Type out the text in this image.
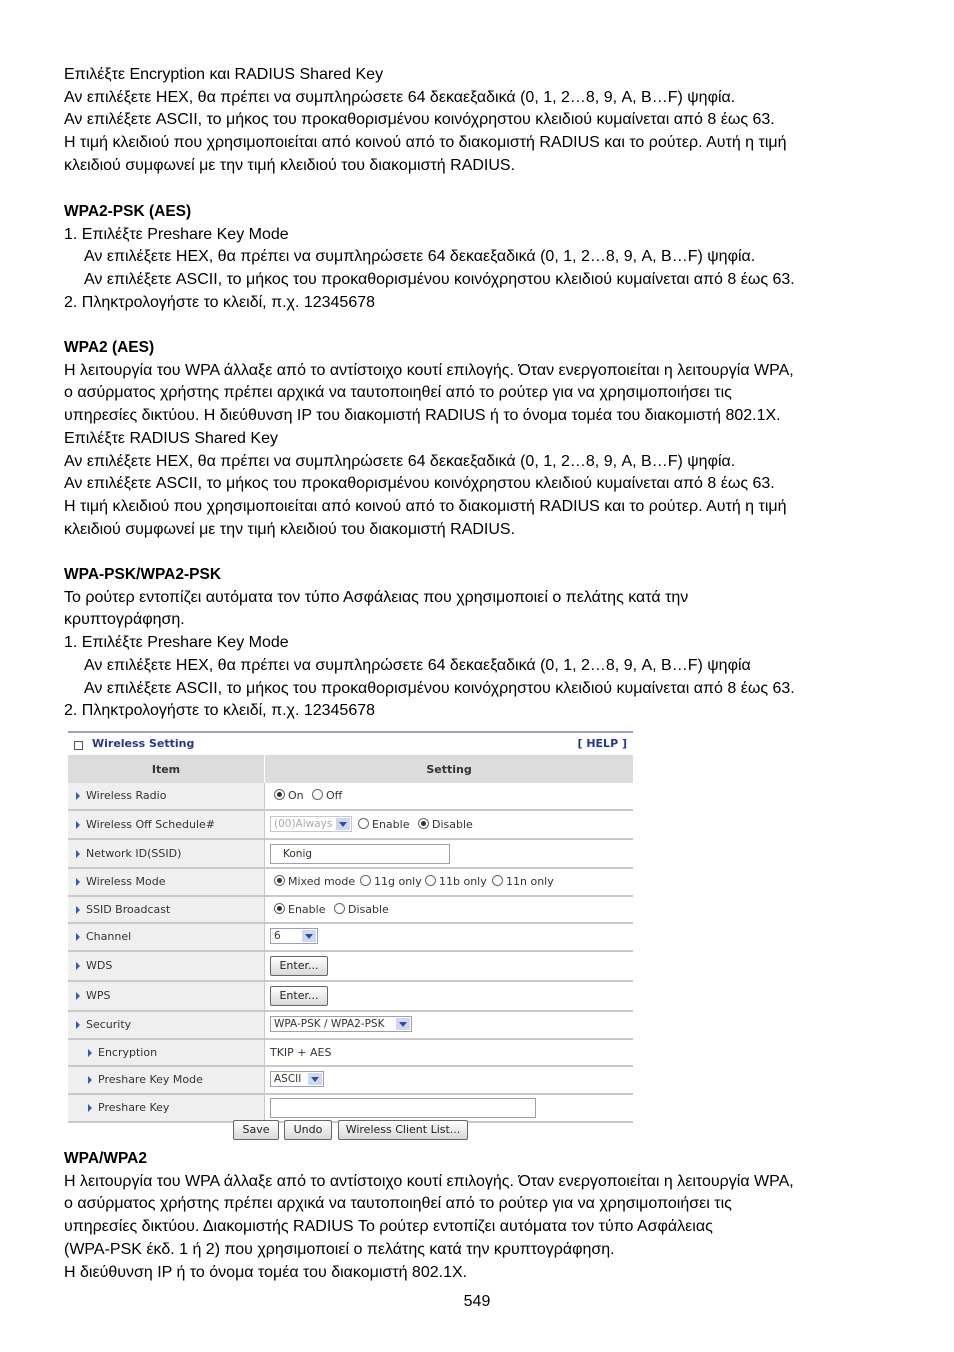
Επιλέξτε Encryption και RADIUS Shared Key

Αν επιλέξετε HEX, θα πρέπει να συμπληρώσετε 64 δεκαεξαδικά (0, 1, 2…8, 9, A, B…F) ψηφία.

Αν επιλέξετε ASCII, το μήκος του προκαθορισμένου κοινόχρηστου κλειδιού κυμαίνεται από 8 έως 63.

Η τιμή κλειδιού που χρησιμοποιείται από κοινού από το διακομιστή RADIUS και το ρούτερ. Αυτή η τιμή

κλειδιού συμφωνεί με την τιμή κλειδιού του διακομιστή RADIUS.

WPA2-PSK (AES)

1. Επιλέξτε Preshare Key Mode

Αν επιλέξετε HEX, θα πρέπει να συμπληρώσετε 64 δεκαεξαδικά (0, 1, 2…8, 9, A, B…F) ψηφία.

Αν επιλέξετε ASCII, το μήκος του προκαθορισμένου κοινόχρηστου κλειδιού κυμαίνεται από 8 έως 63.

2. Πληκτρολογήστε το κλειδί, π.χ. 12345678

WPA2 (AES)

Η λειτουργία του WPA άλλαξε από το αντίστοιχο κουτί επιλογής. Όταν ενεργοποιείται η λειτουργία WPA,

ο ασύρματος χρήστης πρέπει αρχικά να ταυτοποιηθεί από το ρούτερ για να χρησιμοποιήσει τις

υπηρεσίες δικτύου. Η διεύθυνση IP του διακομιστή RADIUS ή το όνομα τομέα του διακομιστή 802.1X.

Επιλέξτε RADIUS Shared Key

Αν επιλέξετε HEX, θα πρέπει να συμπληρώσετε 64 δεκαεξαδικά (0, 1, 2…8, 9, A, B…F) ψηφία.

Αν επιλέξετε ASCII, το μήκος του προκαθορισμένου κοινόχρηστου κλειδιού κυμαίνεται από 8 έως 63.

Η τιμή κλειδιού που χρησιμοποιείται από κοινού από το διακομιστή RADIUS και το ρούτερ. Αυτή η τιμή

κλειδιού συμφωνεί με την τιμή κλειδιού του διακομιστή RADIUS.

WPA-PSK/WPA2-PSK

Το ρούτερ εντοπίζει αυτόματα τον τύπο Ασφάλειας που χρησιμοποιεί ο πελάτης κατά την

κρυπτογράφηση.

1. Επιλέξτε Preshare Key Mode

Αν επιλέξετε HEX, θα πρέπει να συμπληρώσετε 64 δεκαεξαδικά (0, 1, 2…8, 9, A, B…F) ψηφία

Αν επιλέξετε ASCII, το μήκος του προκαθορισμένου κοινόχρηστου κλειδιού κυμαίνεται από 8 έως 63.

2. Πληκτρολογήστε το κλειδί, π.χ. 12345678

Wireless Setting	[ HELP ]
Item	Setting
Wireless Radio	On	Off
Wireless Off Schedule#	(00)Always	Enable	Disable
Network ID(SSID)	Konig
Wireless Mode	Mixed mode	11g only	11b only	11n only
SSID Broadcast	Enable	Disable
Channel	6
WDS	Enter...
WPS	Enter...
Security	WPA-PSK / WPA2-PSK
Encryption	TKIP + AES
Preshare Key Mode	ASCII
Preshare Key
Save	Undo	Wireless Client List...

WPA/WPA2

Η λειτουργία του WPA άλλαξε από το αντίστοιχο κουτί επιλογής. Όταν ενεργοποιείται η λειτουργία WPA,

ο ασύρματος χρήστης πρέπει αρχικά να ταυτοποιηθεί από το ρούτερ για να χρησιμοποιήσει τις

υπηρεσίες δικτύου. Διακομιστής RADIUS Το ρούτερ εντοπίζει αυτόματα τον τύπο Ασφάλειας

(WPA-PSK έκδ. 1 ή 2) που χρησιμοποιεί ο πελάτης κατά την κρυπτογράφηση.

Η διεύθυνση IP ή το όνομα τομέα του διακομιστή 802.1X.

549
